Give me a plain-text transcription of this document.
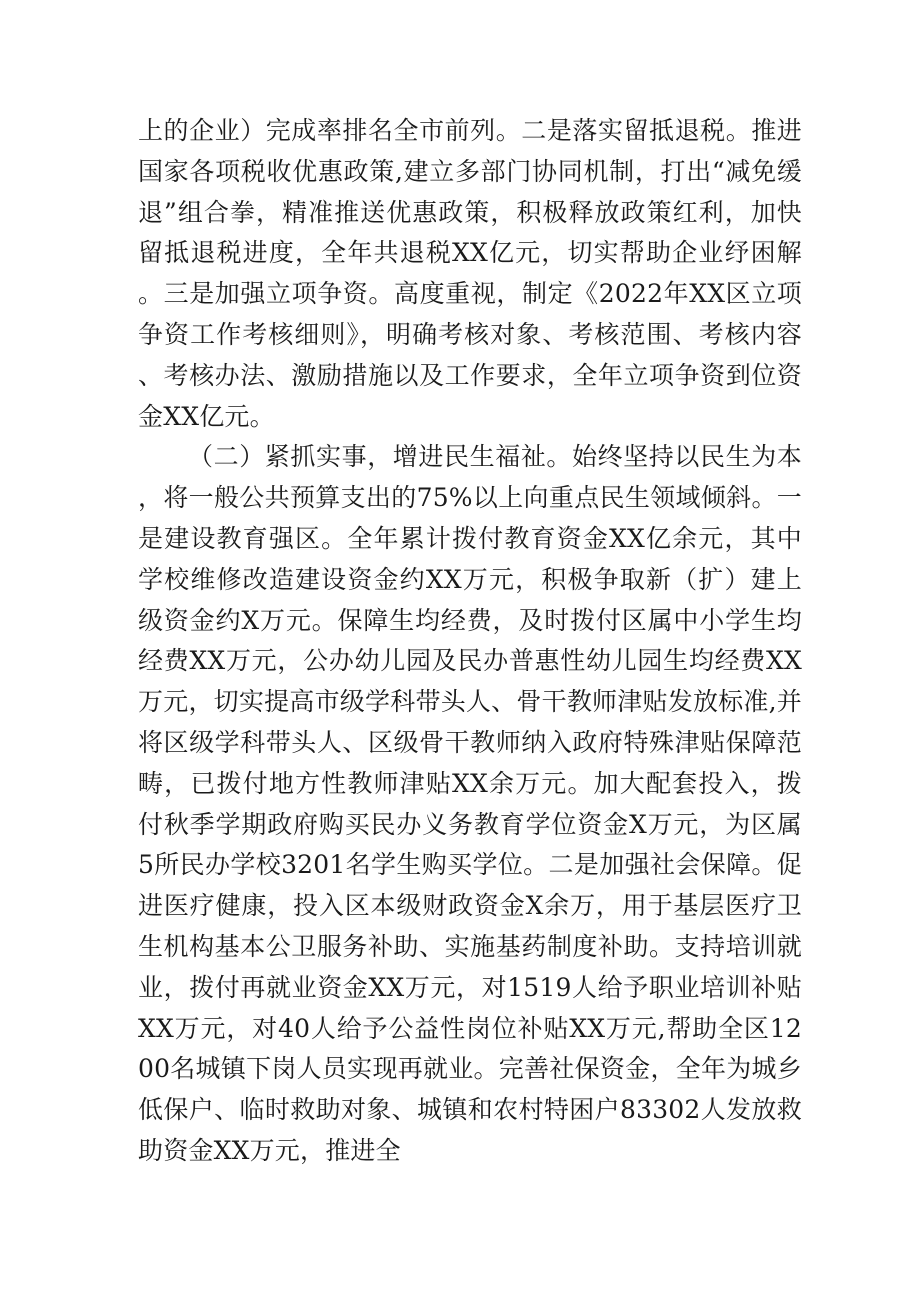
上的企业）完成率排名全市前列。二是落实留抵退税。推进国家各项税收优惠政策,建立多部门协同机制，打出“减免缓退”组合拳，精准推送优惠政策，积极释放政策红利，加快留抵退税进度，全年共退税XX亿元，切实帮助企业纾困解。三是加强立项争资。高度重视，制定《2022年XX区立项争资工作考核细则》，明确考核对象、考核范围、考核内容、考核办法、激励措施以及工作要求，全年立项争资到位资金XX亿元。

（二）紧抓实事，增进民生福祉。始终坚持以民生为本，将一般公共预算支出的75%以上向重点民生领域倾斜。一是建设教育强区。全年累计拨付教育资金XX亿余元，其中学校维修改造建设资金约XX万元，积极争取新（扩）建上级资金约X万元。保障生均经费，及时拨付区属中小学生均经费XX万元，公办幼儿园及民办普惠性幼儿园生均经费XX万元，切实提高市级学科带头人、骨干教师津贴发放标准,并将区级学科带头人、区级骨干教师纳入政府特殊津贴保障范畴，已拨付地方性教师津贴XX余万元。加大配套投入，拨付秋季学期政府购买民办义务教育学位资金X万元，为区属5所民办学校3201名学生购买学位。二是加强社会保障。促进医疗健康，投入区本级财政资金X余万，用于基层医疗卫生机构基本公卫服务补助、实施基药制度补助。支持培训就业，拨付再就业资金XX万元，对1519人给予职业培训补贴XX万元，对40人给予公益性岗位补贴XX万元,帮助全区1200名城镇下岗人员实现再就业。完善社保资金，全年为城乡低保户、临时救助对象、城镇和农村特困户83302人发放救助资金XX万元，推进全
